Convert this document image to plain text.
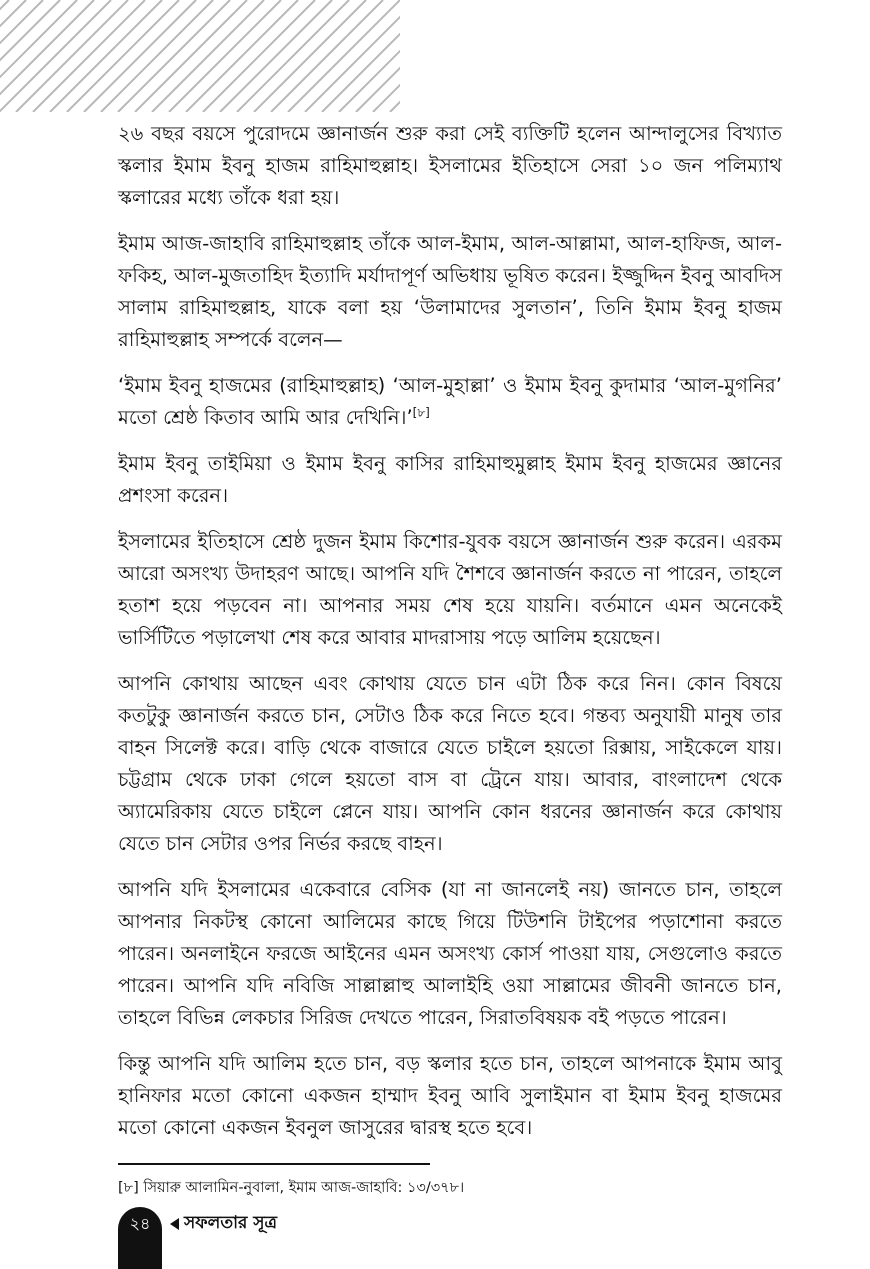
২৬ বছর বয়সে পুরোদমে জ্ঞানার্জন শুরু করা সেই ব্যক্তিটি হলেন আন্দালুসের বিখ্যাত স্কলার ইমাম ইবনু হাজম রাহিমাহুল্লাহ। ইসলামের ইতিহাসে সেরা ১০ জন পলিম্যাথ স্কলারের মধ্যে তাঁকে ধরা হয়।

ইমাম আজ-জাহাবি রাহিমাহুল্লাহ তাঁকে আল-ইমাম, আল-আল্লামা, আল-হাফিজ, আল-ফকিহ, আল-মুজতাহিদ ইত্যাদি মর্যাদাপূর্ণ অভিধায় ভূষিত করেন। ইজ্জুদ্দিন ইবনু আবদিস সালাম রাহিমাহুল্লাহ, যাকে বলা হয় ‘উলামাদের সুলতান’, তিনি ইমাম ইবনু হাজম রাহিমাহুল্লাহ সম্পর্কে বলেন—

‘ইমাম ইবনু হাজমের (রাহিমাহুল্লাহ) ‘আল-মুহাল্লা’ ও ইমাম ইবনু কুদামার ‘আল-মুগনির’ মতো শ্রেষ্ঠ কিতাব আমি আর দেখিনি।’[৮]

ইমাম ইবনু তাইমিয়া ও ইমাম ইবনু কাসির রাহিমাহুমুল্লাহ ইমাম ইবনু হাজমের জ্ঞানের প্রশংসা করেন।

ইসলামের ইতিহাসে শ্রেষ্ঠ দুজন ইমাম কিশোর-যুবক বয়সে জ্ঞানার্জন শুরু করেন। এরকম আরো অসংখ্য উদাহরণ আছে। আপনি যদি শৈশবে জ্ঞানার্জন করতে না পারেন, তাহলে হতাশ হয়ে পড়বেন না। আপনার সময় শেষ হয়ে যায়নি। বর্তমানে এমন অনেকেই ভার্সিটিতে পড়ালেখা শেষ করে আবার মাদরাসায় পড়ে আলিম হয়েছেন।

আপনি কোথায় আছেন এবং কোথায় যেতে চান এটা ঠিক করে নিন। কোন বিষয়ে কতটুকু জ্ঞানার্জন করতে চান, সেটাও ঠিক করে নিতে হবে। গন্তব্য অনুযায়ী মানুষ তার বাহন সিলেক্ট করে। বাড়ি থেকে বাজারে যেতে চাইলে হয়তো রিক্সায়, সাইকেলে যায়। চট্টগ্রাম থেকে ঢাকা গেলে হয়তো বাস বা ট্রেনে যায়। আবার, বাংলাদেশ থেকে অ্যামেরিকায় যেতে চাইলে প্লেনে যায়। আপনি কোন ধরনের জ্ঞানার্জন করে কোথায় যেতে চান সেটার ওপর নির্ভর করছে বাহন।

আপনি যদি ইসলামের একেবারে বেসিক (যা না জানলেই নয়) জানতে চান, তাহলে আপনার নিকটস্থ কোনো আলিমের কাছে গিয়ে টিউশনি টাইপের পড়াশোনা করতে পারেন। অনলাইনে ফরজে আইনের এমন অসংখ্য কোর্স পাওয়া যায়, সেগুলোও করতে পারেন। আপনি যদি নবিজি সাল্লাল্লাহু আলাইহি ওয়া সাল্লামের জীবনী জানতে চান, তাহলে বিভিন্ন লেকচার সিরিজ দেখতে পারেন, সিরাতবিষয়ক বই পড়তে পারেন।

কিন্তু আপনি যদি আলিম হতে চান, বড় স্কলার হতে চান, তাহলে আপনাকে ইমাম আবু হানিফার মতো কোনো একজন হাম্মাদ ইবনু আবি সুলাইমান বা ইমাম ইবনু হাজমের মতো কোনো একজন ইবনুল জাসুরের দ্বারস্থ হতে হবে।

[৮] সিয়ারু আলামিন-নুবালা, ইমাম আজ-জাহাবি: ১৩/৩৭৮।
২৪	সফলতার সূত্র
